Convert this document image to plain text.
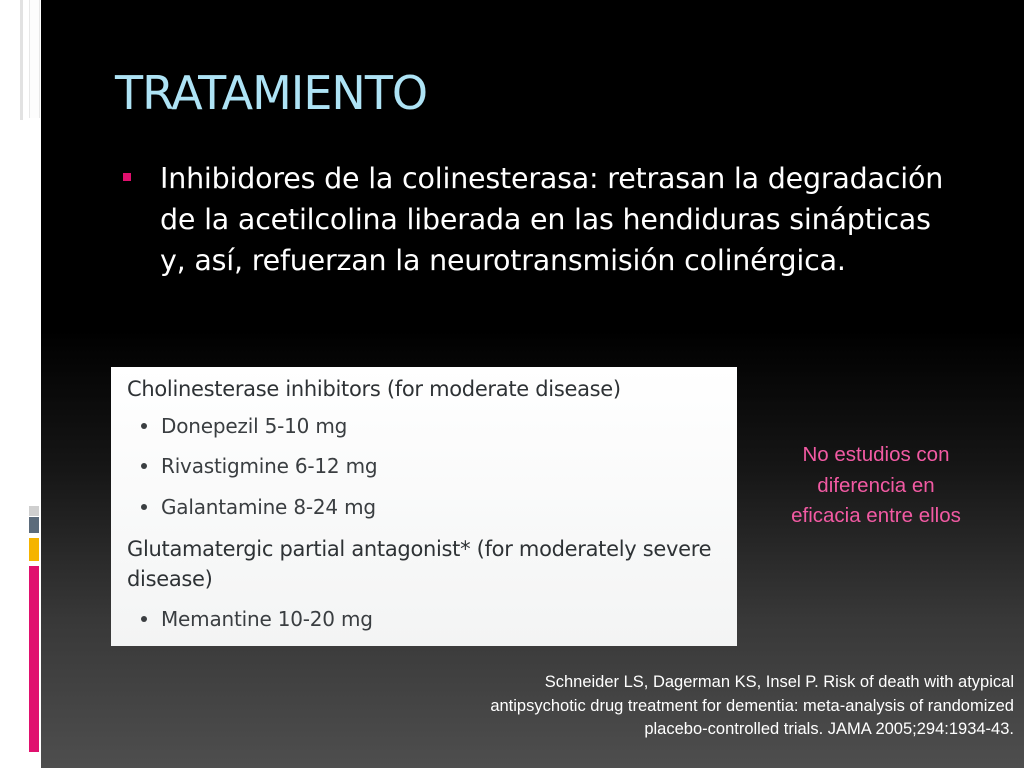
TRATAMIENTO
Inhibidores de la colinesterasa: retrasan la degradación de la acetilcolina liberada en las hendiduras sinápticas y, así, refuerzan la neurotransmisión colinérgica.
Cholinesterase inhibitors (for moderate disease)
Donepezil 5-10 mg
Rivastigmine 6-12 mg
Galantamine 8-24 mg
Glutamatergic partial antagonist* (for moderately severe disease)
Memantine 10-20 mg
No estudios con diferencia en eficacia entre ellos
Schneider LS, Dagerman KS, Insel P. Risk of death with atypical antipsychotic drug treatment for dementia: meta-analysis of randomized placebo-controlled trials. JAMA 2005;294:1934-43.
